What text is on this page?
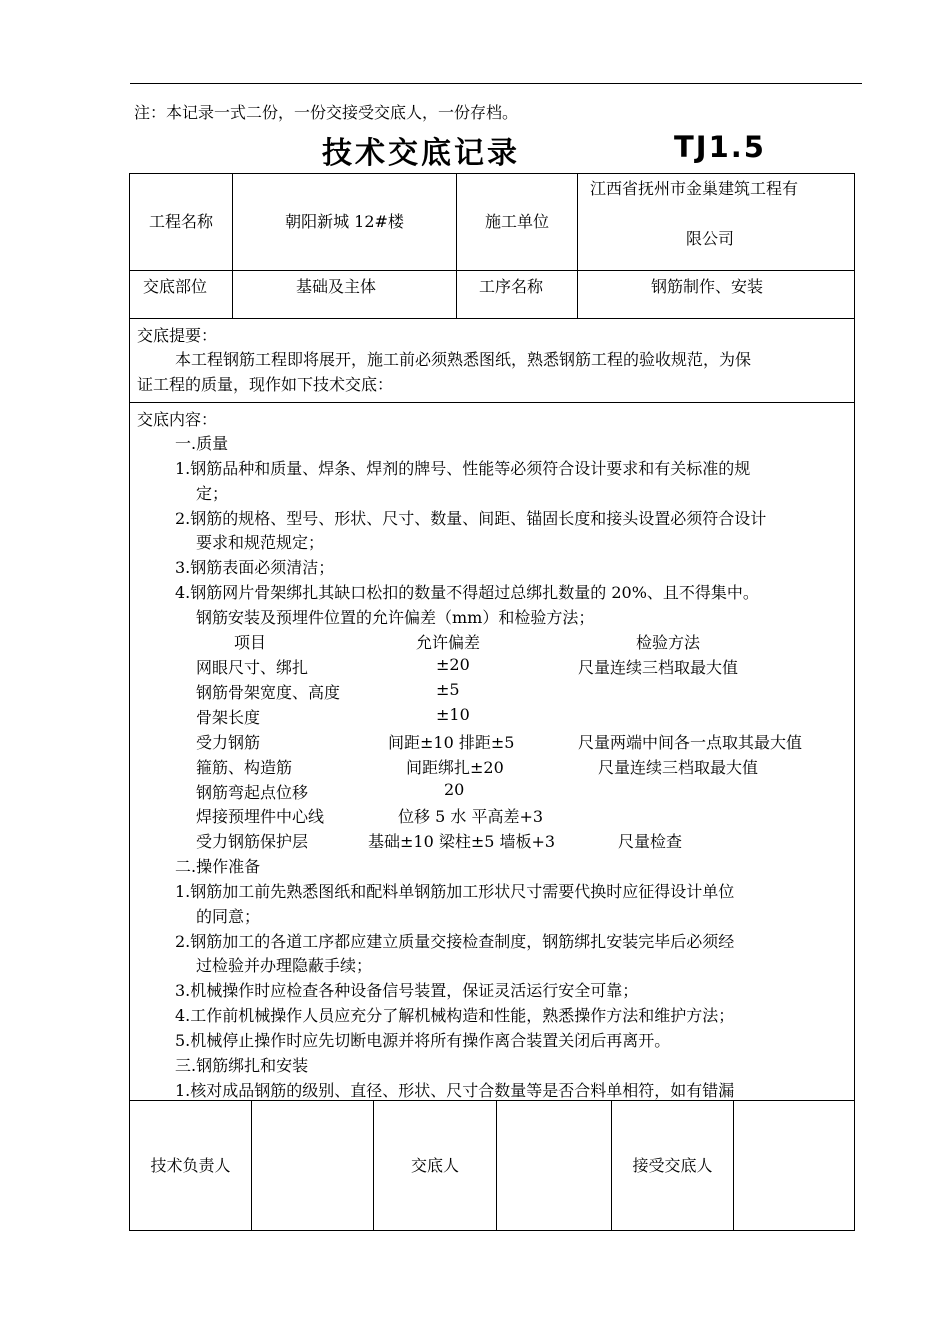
注：本记录一式二份，一份交接受交底人，一份存档。
技术交底记录	TJ1.5
工程名称	朝阳新城 12#楼	施工单位
江西省抚州市金巢建筑工程有
限公司
交底部位	基础及主体	工序名称	钢筋制作、安装
交底提要：
本工程钢筋工程即将展开，施工前必须熟悉图纸，熟悉钢筋工程的验收规范，为保
证工程的质量，现作如下技术交底：
交底内容：
一.质量
1.钢筋品种和质量、焊条、焊剂的牌号、性能等必须符合设计要求和有关标准的规
定；
2.钢筋的规格、型号、形状、尺寸、数量、间距、锚固长度和接头设置必须符合设计
要求和规范规定；
3.钢筋表面必须清洁；
4.钢筋网片骨架绑扎其缺口松扣的数量不得超过总绑扎数量的 20%、且不得集中。
钢筋安装及预埋件位置的允许偏差（mm）和检验方法；
项目	允许偏差	检验方法
网眼尺寸、绑扎	±20	尺量连续三档取最大值
钢筋骨架宽度、高度	±5
骨架长度	±10
受力钢筋	间距±10 排距±5	尺量两端中间各一点取其最大值
箍筋、构造筋	间距绑扎±20	尺量连续三档取最大值
钢筋弯起点位移	20
焊接预埋件中心线	位移 5 水 平高差+3
受力钢筋保护层	基础±10 梁柱±5 墙板+3	尺量检查
二.操作准备
1.钢筋加工前先熟悉图纸和配料单钢筋加工形状尺寸需要代换时应征得设计单位
的同意；
2.钢筋加工的各道工序都应建立质量交接检查制度，钢筋绑扎安装完毕后必须经
过检验并办理隐蔽手续；
3.机械操作时应检查各种设备信号装置，保证灵活运行安全可靠；
4.工作前机械操作人员应充分了解机械构造和性能，熟悉操作方法和维护方法；
5.机械停止操作时应先切断电源并将所有操作离合装置关闭后再离开。
三.钢筋绑扎和安装
1.核对成品钢筋的级别、直径、形状、尺寸合数量等是否合料单相符，如有错漏
技术负责人	交底人	接受交底人
